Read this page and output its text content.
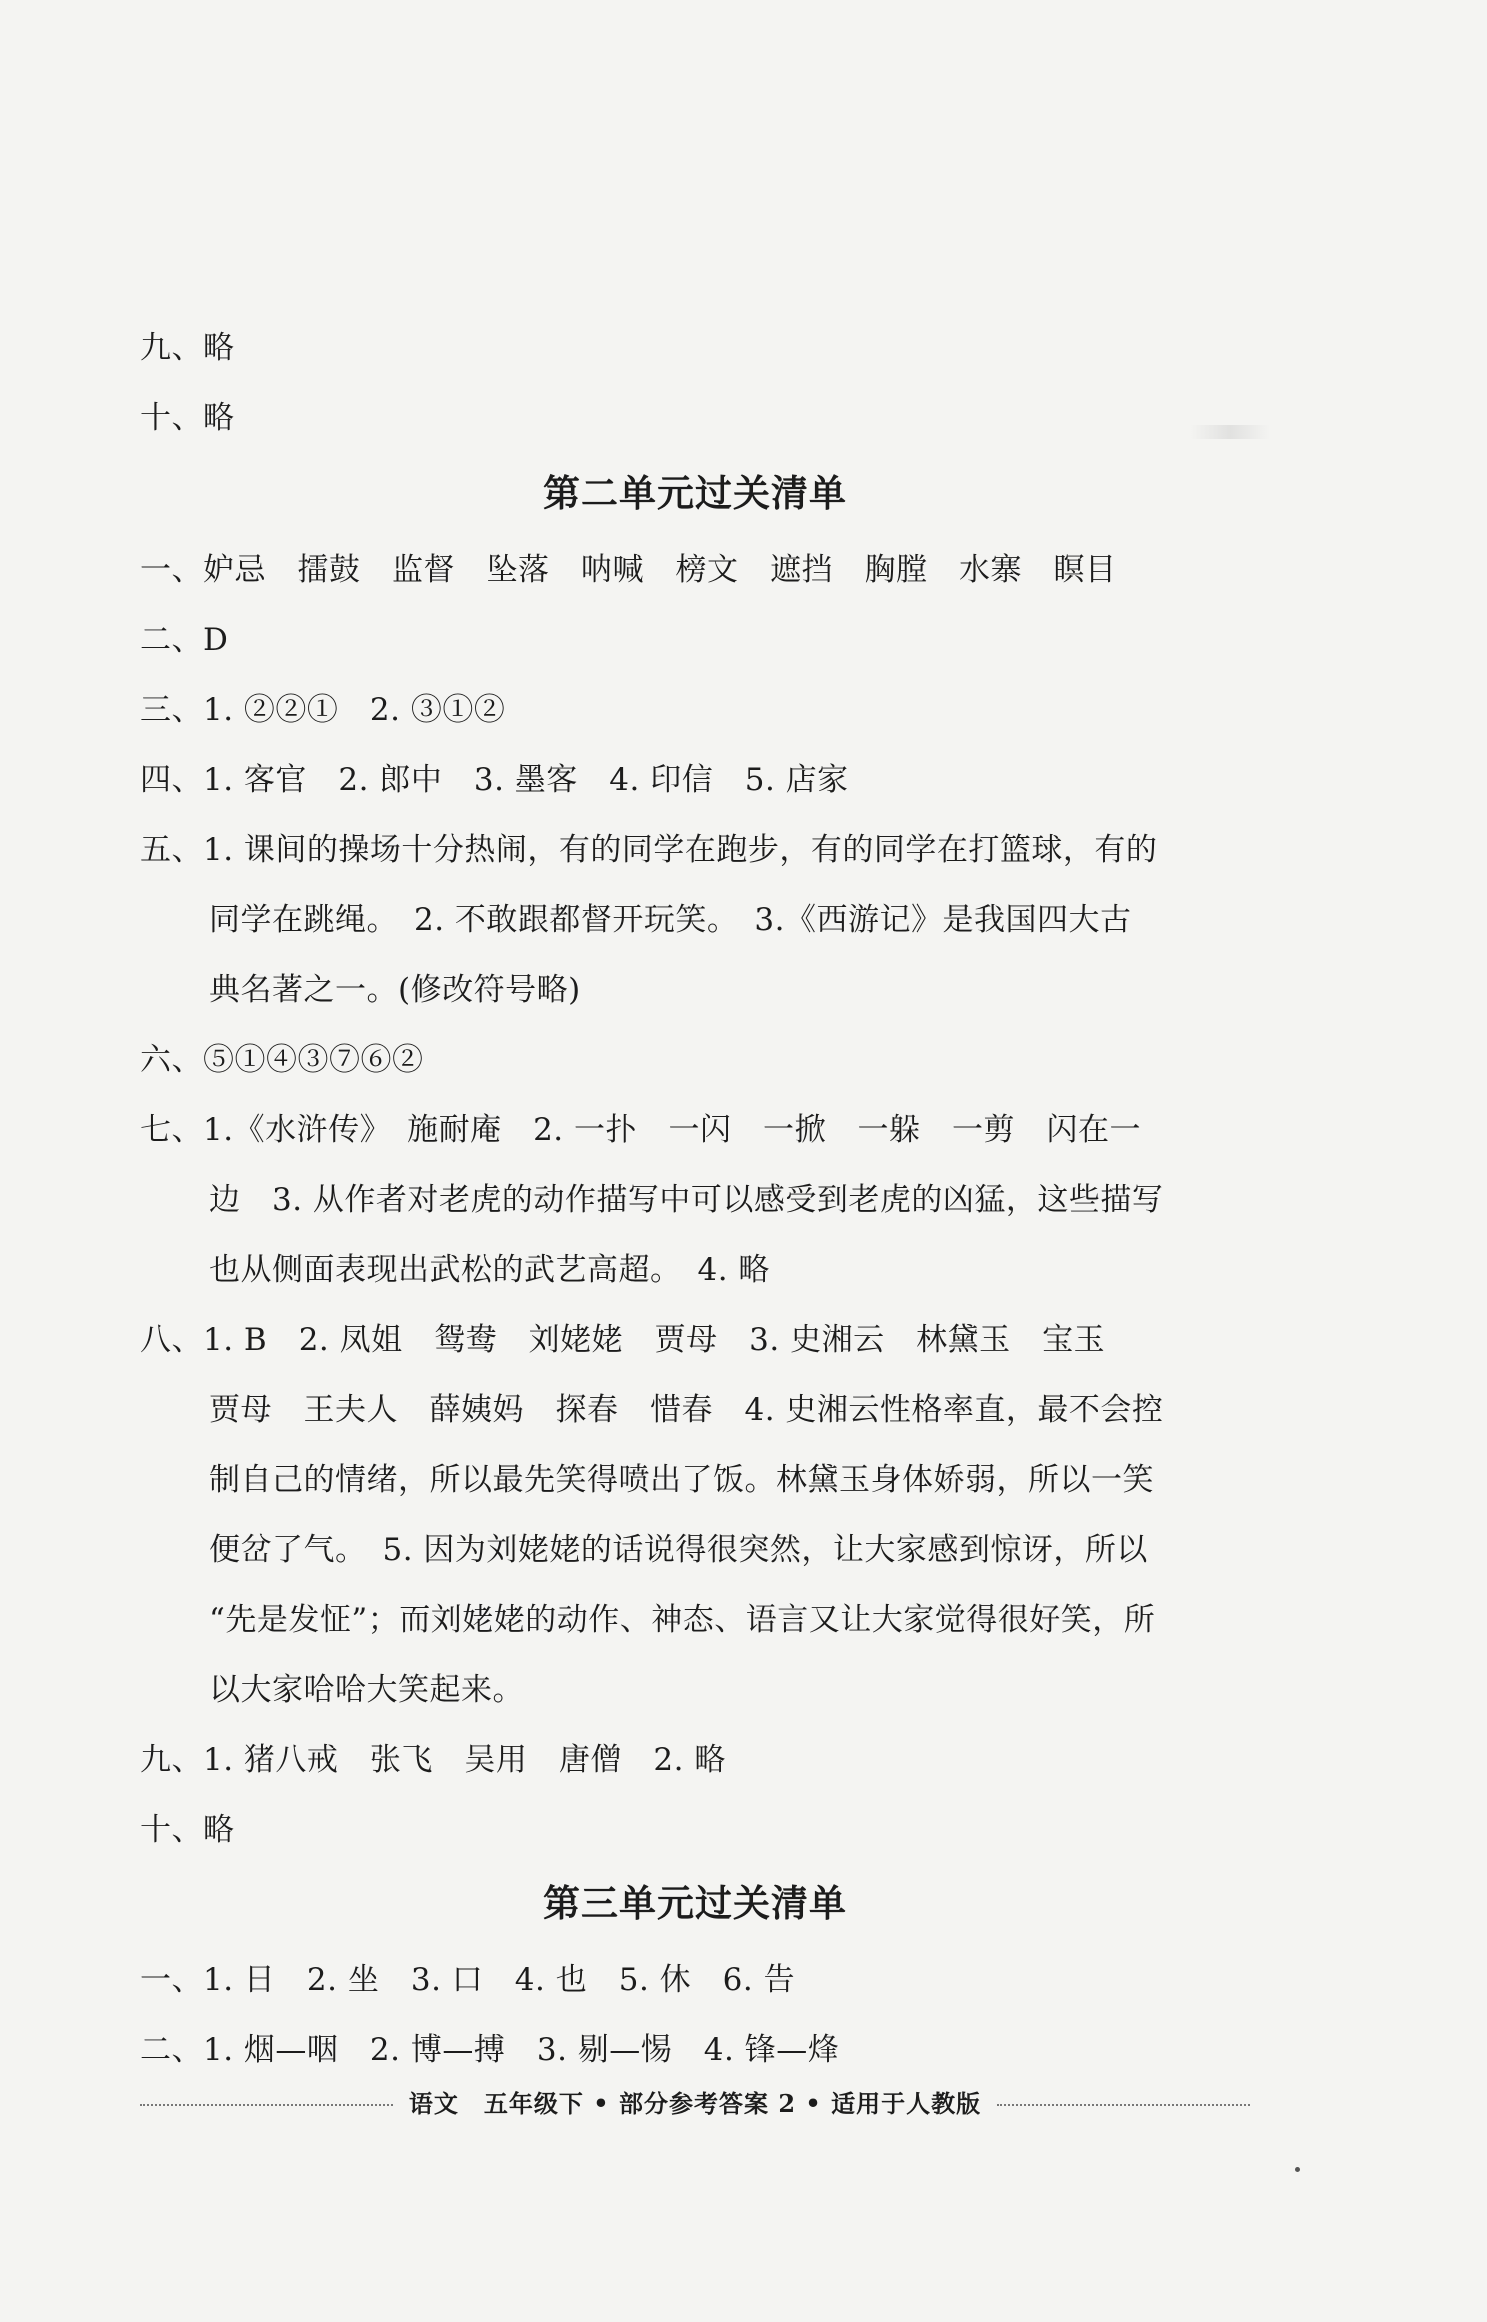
九、略
十、略
第二单元过关清单
一、妒忌　擂鼓　监督　坠落　呐喊　榜文　遮挡　胸膛　水寨　瞑目
二、D
三、1. ②②①　2. ③①②
四、1. 客官　2. 郎中　3. 墨客　4. 印信　5. 店家
五、1. 课间的操场十分热闹，有的同学在跑步，有的同学在打篮球，有的
同学在跳绳。　2. 不敢跟都督开玩笑。　3.《西游记》是我国四大古
典名著之一。(修改符号略)
六、⑤①④③⑦⑥②
七、1.《水浒传》　施耐庵　2. 一扑　一闪　一掀　一躲　一剪　闪在一
边　3. 从作者对老虎的动作描写中可以感受到老虎的凶猛，这些描写
也从侧面表现出武松的武艺高超。　4. 略
八、1. B　2. 凤姐　鸳鸯　刘姥姥　贾母　3. 史湘云　林黛玉　宝玉
贾母　王夫人　薛姨妈　探春　惜春　4. 史湘云性格率直，最不会控
制自己的情绪，所以最先笑得喷出了饭。林黛玉身体娇弱，所以一笑
便岔了气。　5. 因为刘姥姥的话说得很突然，让大家感到惊讶，所以
“先是发怔”；而刘姥姥的动作、神态、语言又让大家觉得很好笑，所
以大家哈哈大笑起来。
九、1. 猪八戒　张飞　吴用　唐僧　2. 略
十、略
第三单元过关清单
一、1. 日　2. 坐　3. 口　4. 也　5. 休　6. 告
二、1. 烟—咽　2. 博—搏　3. 剔—惕　4. 锋—烽
语文　五年级下 • 部分参考答案 2 • 适用于人教版
